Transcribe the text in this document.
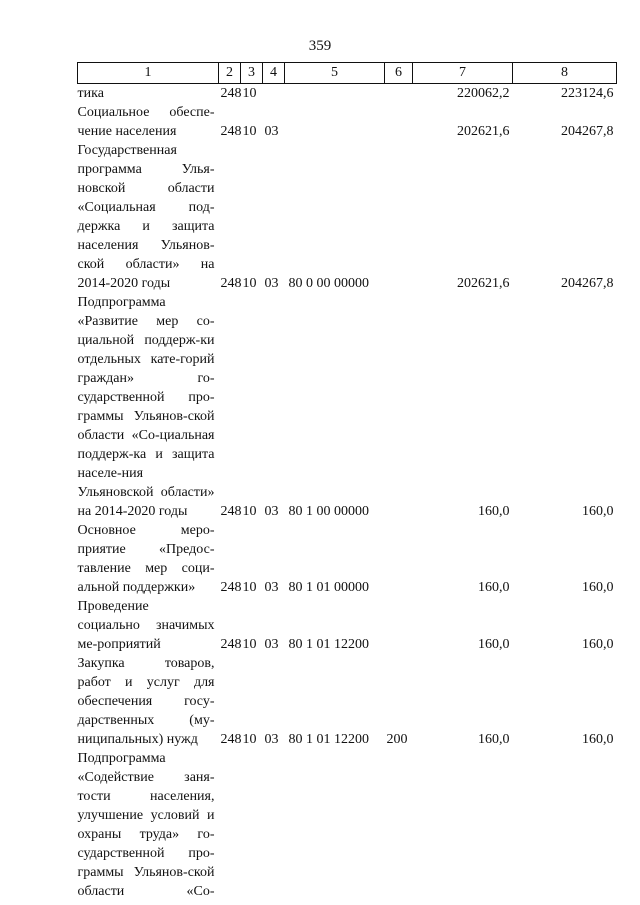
359
1	2	3	4	5	6	7	8
тика	248	10				220062,2	223124,6
Социальное обеспе-чение населения	248	10	03			202621,6	204267,8
Государственная программа Улья-новской области «Социальная под-держка и защита населения Ульянов-ской области» на 2014-2020 годы	248	10	03	80 0 00 00000		202621,6	204267,8
Подпрограмма «Развитие мер со-циальной поддерж-ки отдельных кате-горий граждан» го-сударственной про-граммы Ульянов-ской области «Со-циальная поддерж-ка и защита населе-ния Ульяновской области» на 2014-2020 годы	248	10	03	80 1 00 00000		160,0	160,0
Основное меро-приятие «Предос-тавление мер соци-альной поддержки»	248	10	03	80 1 01 00000		160,0	160,0
Проведение социально значимых ме-роприятий	248	10	03	80 1 01 12200		160,0	160,0
Закупка товаров, работ и услуг для обеспечения госу-дарственных (му-ниципальных) нужд	248	10	03	80 1 01 12200	200	160,0	160,0
Подпрограмма «Содействие заня-тости населения, улучшение условий и охраны труда» го-сударственной про-граммы Ульянов-ской области «Со-							
